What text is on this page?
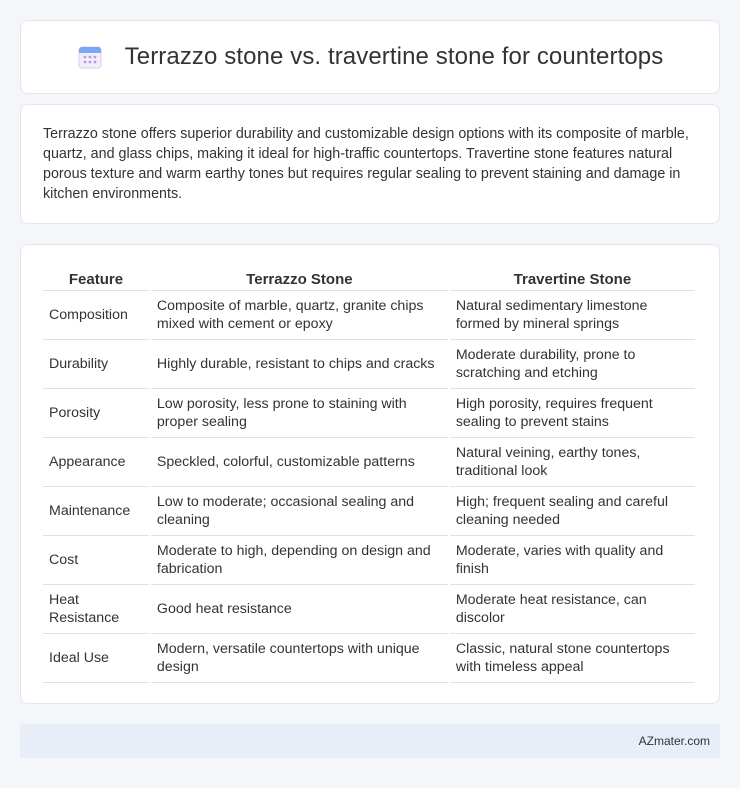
Terrazzo stone vs. travertine stone for countertops

Terrazzo stone offers superior durability and customizable design options with its composite of marble, quartz, and glass chips, making it ideal for high-traffic countertops. Travertine stone features natural porous texture and warm earthy tones but requires regular sealing to prevent staining and damage in kitchen environments.

Feature	Terrazzo Stone	Travertine Stone
Composition	Composite of marble, quartz, granite chips mixed with cement or epoxy	Natural sedimentary limestone formed by mineral springs
Durability	Highly durable, resistant to chips and cracks	Moderate durability, prone to scratching and etching
Porosity	Low porosity, less prone to staining with proper sealing	High porosity, requires frequent sealing to prevent stains
Appearance	Speckled, colorful, customizable patterns	Natural veining, earthy tones, traditional look
Maintenance	Low to moderate; occasional sealing and cleaning	High; frequent sealing and careful cleaning needed
Cost	Moderate to high, depending on design and fabrication	Moderate, varies with quality and finish
Heat Resistance	Good heat resistance	Moderate heat resistance, can discolor
Ideal Use	Modern, versatile countertops with unique design	Classic, natural stone countertops with timeless appeal
AZmater.com
